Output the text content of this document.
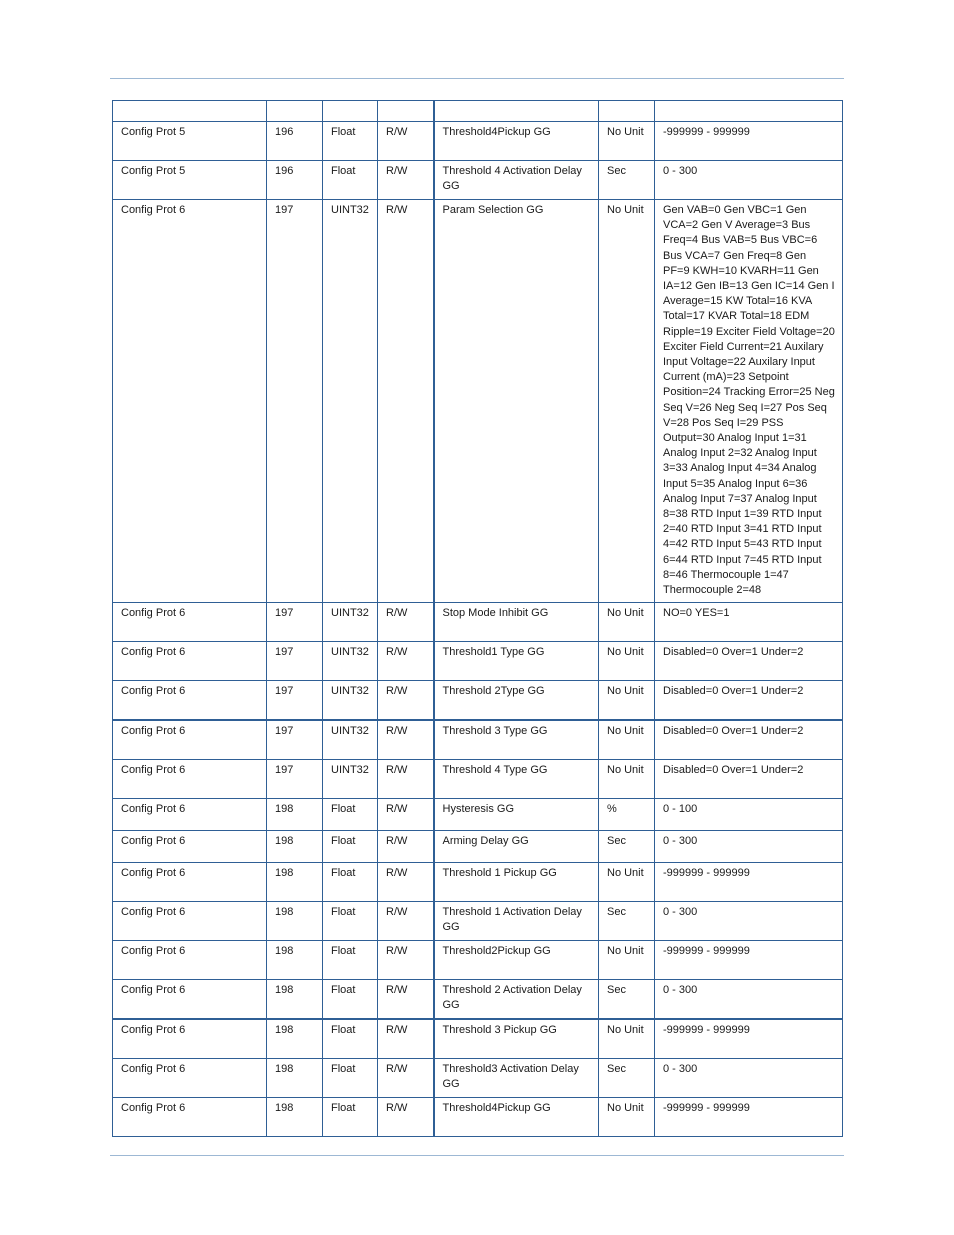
Config Prot 5	196	Float	R/W	Threshold4Pickup GG	No Unit	-999999 - 999999
Config Prot 5	196	Float	R/W	Threshold 4 Activation Delay GG	Sec	0 - 300
Config Prot 6	197	UINT32	R/W	Param Selection GG	No Unit	Gen VAB=0 Gen VBC=1 Gen VCA=2 Gen V Average=3 Bus Freq=4 Bus VAB=5 Bus VBC=6 Bus VCA=7 Gen Freq=8 Gen PF=9 KWH=10 KVARH=11 Gen IA=12 Gen IB=13 Gen IC=14 Gen I Average=15 KW Total=16 KVA Total=17 KVAR Total=18 EDM Ripple=19 Exciter Field Voltage=20 Exciter Field Current=21 Auxilary Input Voltage=22 Auxilary Input Current (mA)=23 Setpoint Position=24 Tracking Error=25 Neg Seq V=26 Neg Seq I=27 Pos Seq V=28 Pos Seq I=29 PSS Output=30 Analog Input 1=31 Analog Input 2=32 Analog Input 3=33 Analog Input 4=34 Analog Input 5=35 Analog Input 6=36 Analog Input 7=37 Analog Input 8=38 RTD Input 1=39 RTD Input 2=40 RTD Input 3=41 RTD Input 4=42 RTD Input 5=43 RTD Input 6=44 RTD Input 7=45 RTD Input 8=46 Thermocouple 1=47 Thermocouple 2=48
Config Prot 6	197	UINT32	R/W	Stop Mode Inhibit GG	No Unit	NO=0 YES=1
Config Prot 6	197	UINT32	R/W	Threshold1 Type GG	No Unit	Disabled=0 Over=1 Under=2
Config Prot 6	197	UINT32	R/W	Threshold 2Type GG	No Unit	Disabled=0 Over=1 Under=2
Config Prot 6	197	UINT32	R/W	Threshold 3 Type GG	No Unit	Disabled=0 Over=1 Under=2
Config Prot 6	197	UINT32	R/W	Threshold 4 Type GG	No Unit	Disabled=0 Over=1 Under=2
Config Prot 6	198	Float	R/W	Hysteresis GG	%	0 - 100
Config Prot 6	198	Float	R/W	Arming Delay GG	Sec	0 - 300
Config Prot 6	198	Float	R/W	Threshold 1 Pickup GG	No Unit	-999999 - 999999
Config Prot 6	198	Float	R/W	Threshold 1 Activation Delay GG	Sec	0 - 300
Config Prot 6	198	Float	R/W	Threshold2Pickup GG	No Unit	-999999 - 999999
Config Prot 6	198	Float	R/W	Threshold 2 Activation Delay GG	Sec	0 - 300
Config Prot 6	198	Float	R/W	Threshold 3 Pickup GG	No Unit	-999999 - 999999
Config Prot 6	198	Float	R/W	Threshold3 Activation Delay GG	Sec	0 - 300
Config Prot 6	198	Float	R/W	Threshold4Pickup GG	No Unit	-999999 - 999999
